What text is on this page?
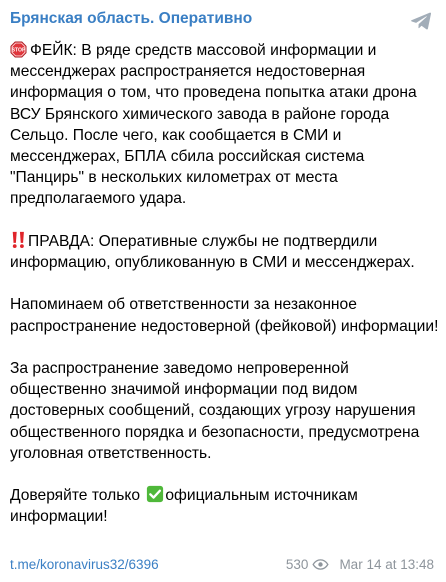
Брянская область. Оперативно

STOP ФЕЙК: В ряде средств массовой информации и мессенджерах распространяется недостоверная информация о том, что проведена попытка атаки дрона ВСУ Брянского химического завода в районе города Сельцо. После чего, как сообщается в СМИ и мессенджерах, БПЛА сбила российская система "Панцирь" в нескольких километрах от места предполагаемого удара.

ПРАВДА: Оперативные службы не подтвердили информацию, опубликованную в СМИ и мессенджерах.

Напоминаем об ответственности за незаконное распространение недостоверной (фейковой) информации!

За распространение заведомо непроверенной общественно значимой информации под видом достоверных сообщений, создающих угрозу нарушения общественного порядка и безопасности, предусмотрена уголовная ответственность.

Доверяйте только официальным источникам информации!

t.me/koronavirus32/6396	530 Mar 14 at 13:48
